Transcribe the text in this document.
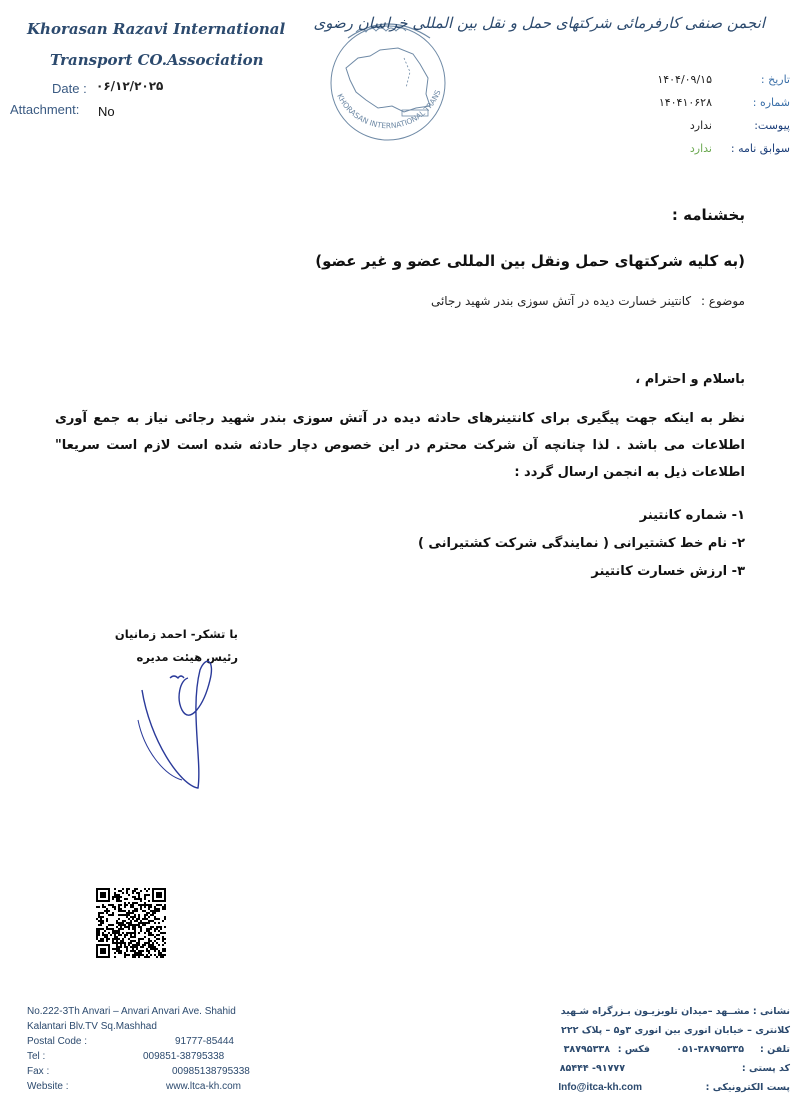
Khorasan Razavi International
Transport CO.Association
Date : ۰۶/۱۲/۲۰۲۵
Attachment: No
KHORASAN INTERNATIONAL TRANS
انجمن صنفی کارفرمائی شرکتهای حمل و نقل بین المللی خراسان رضوی
تاریخ :
۱۴۰۴/۰۹/۱۵
شماره :
۱۴۰۴۱۰۶۲۸
پیوست:
ندارد
سوابق نامه :
ندارد
بخشنامه :
(به کلیه شرکتهای حمل ونقل بین المللی عضو و غیر عضو)
موضوع : کانتینر خسارت دیده در آتش سوزی بندر شهید رجائی
باسلام و احترام ،
نظر به اینکه جهت پیگیری برای کانتینرهای حادثه دیده در آتش سوزی بندر شهید رجائی نیاز به جمع آوری اطلاعات می باشد . لذا چنانچه آن شرکت محترم در این خصوص دچار حادثه شده است لازم است سریعا" اطلاعات ذیل به انجمن ارسال گردد :
۱- شماره کانتینر
۲- نام خط کشتیرانی ( نمایندگی شرکت کشتیرانی )
۳- ارزش خسارت کانتینر
با تشکر- احمد زمانیان
رئیس هیئت مدیره
No.222-3Th Anvari – Anvari Anvari Ave. Shahid
Kalantari Blv.TV Sq.Mashhad
Postal Code :	91777-85444
Tel :	009851-38795338
Fax :	00985138795338
Website :	www.ltca-kh.com
نشانی : مشــهد –میدان تلویزیـون بـزرگراه شـهید
کلانتری – خیابان انوری بین انوری ۳و۵ – پلاک ۲۲۲
تلفن :
۰۵۱-۳۸۷۹۵۳۳۵
فکس :
۳۸۷۹۵۳۳۸
کد پستی :
۹۱۷۷۷- ۸۵۴۴۴
پست الکترونیکی :
Info@itca-kh.com
